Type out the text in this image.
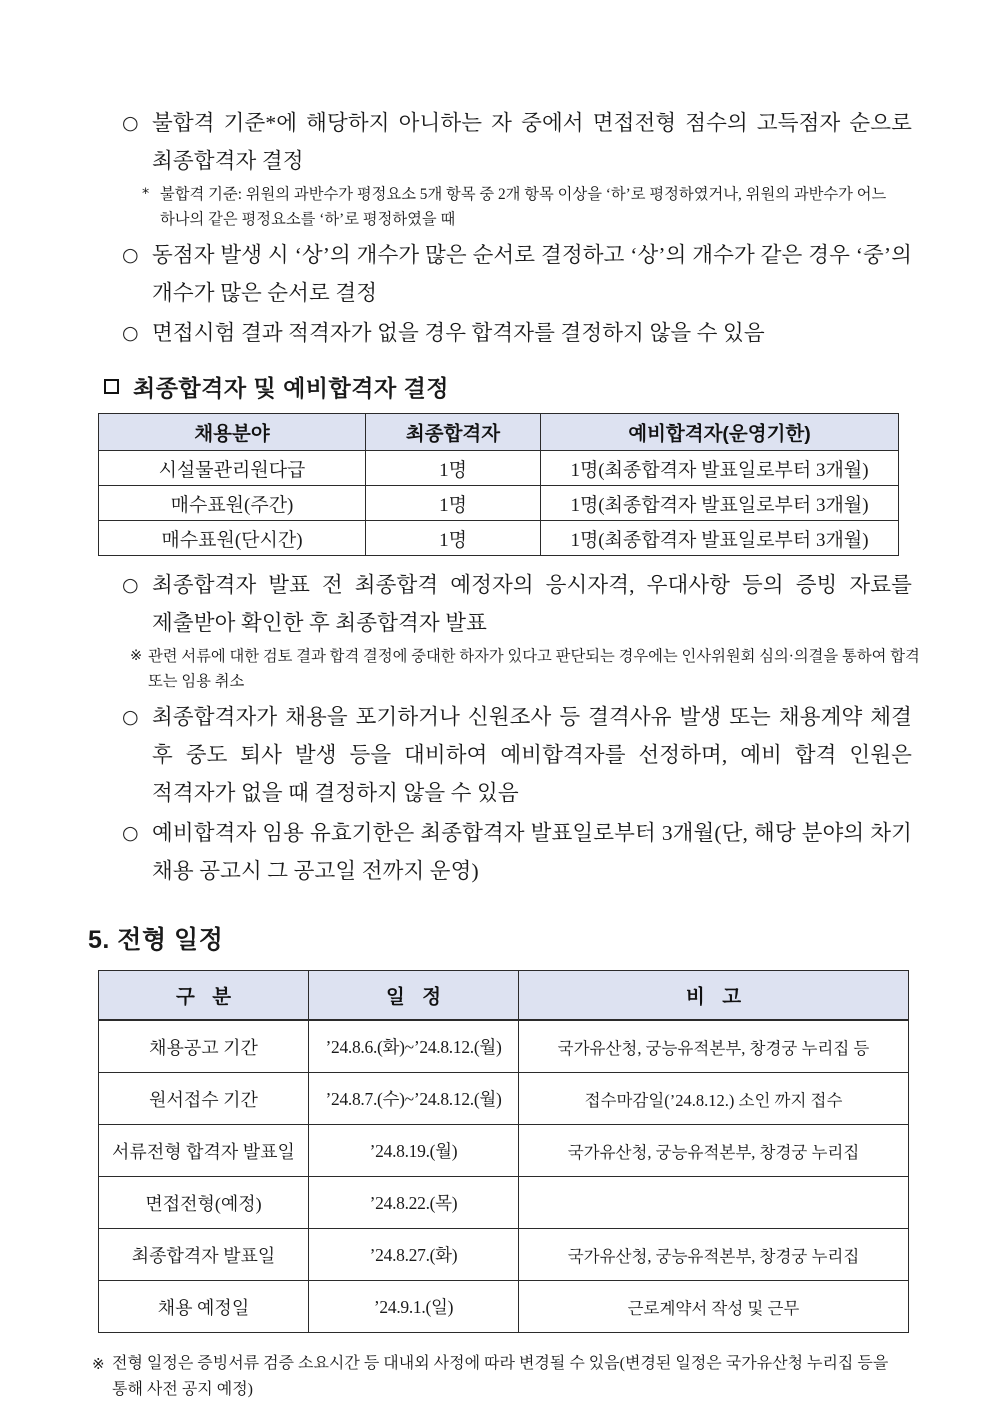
○ 불합격 기준*에 해당하지 아니하는 자 중에서 면접전형 점수의 고득점자 순으로 최종합격자 결정
* 불합격 기준: 위원의 과반수가 평정요소 5개 항목 중 2개 항목 이상을 ‘하’로 평정하였거나, 위원의 과반수가 어느 하나의 같은 평정요소를 ‘하’로 평정하였을 때
○ 동점자 발생 시 ‘상’의 개수가 많은 순서로 결정하고 ‘상’의 개수가 같은 경우 ‘중’의 개수가 많은 순서로 결정
○ 면접시험 결과 적격자가 없을 경우 합격자를 결정하지 않을 수 있음
최종합격자 및 예비합격자 결정
채용분야	최종합격자	예비합격자(운영기한)
시설물관리원다급	1명	1명(최종합격자 발표일로부터 3개월)
매수표원(주간)	1명	1명(최종합격자 발표일로부터 3개월)
매수표원(단시간)	1명	1명(최종합격자 발표일로부터 3개월)
○ 최종합격자 발표 전 최종합격 예정자의 응시자격, 우대사항 등의 증빙 자료를 제출받아 확인한 후 최종합격자 발표
※ 관련 서류에 대한 검토 결과 합격 결정에 중대한 하자가 있다고 판단되는 경우에는 인사위원회 심의·의결을 통하여 합격 또는 임용 취소
○ 최종합격자가 채용을 포기하거나 신원조사 등 결격사유 발생 또는 채용계약 체결 후 중도 퇴사 발생 등을 대비하여 예비합격자를 선정하며, 예비 합격 인원은 적격자가 없을 때 결정하지 않을 수 있음
○ 예비합격자 임용 유효기한은 최종합격자 발표일로부터 3개월(단, 해당 분야의 차기 채용 공고시 그 공고일 전까지 운영)
5. 전형 일정
구 분	일 정	비 고
채용공고 기간	’24.8.6.(화)~’24.8.12.(월)	국가유산청, 궁능유적본부, 창경궁 누리집 등
원서접수 기간	’24.8.7.(수)~’24.8.12.(월)	접수마감일(’24.8.12.) 소인 까지 접수
서류전형 합격자 발표일	’24.8.19.(월)	국가유산청, 궁능유적본부, 창경궁 누리집
면접전형(예정)	’24.8.22.(목)	
최종합격자 발표일	’24.8.27.(화)	국가유산청, 궁능유적본부, 창경궁 누리집
채용 예정일	’24.9.1.(일)	근로계약서 작성 및 근무
※ 전형 일정은 증빙서류 검증 소요시간 등 대내외 사정에 따라 변경될 수 있음(변경된 일정은 국가유산청 누리집 등을 통해 사전 공지 예정)
